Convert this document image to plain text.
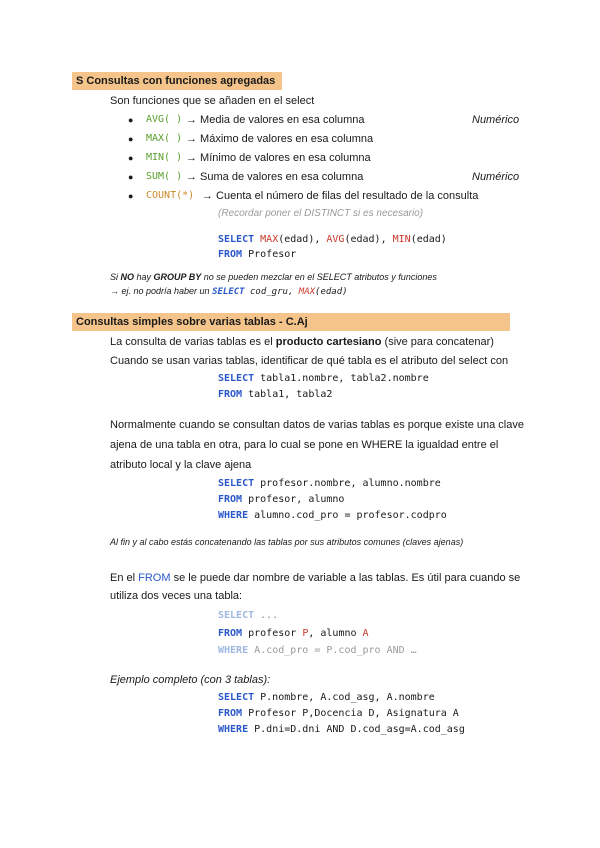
S Consultas con funciones agregadas
Son funciones que se añaden en el select
● AVG( ) → Media de valores en esa columna	Numérico
● MAX( ) → Máximo de valores en esa columna
● MIN( ) → Mínimo de valores en esa columna
● SUM( ) → Suma de valores en esa columna	Numérico
● COUNT(*) → Cuenta el número de filas del resultado de la consulta
(Recordar poner el DISTINCT si es necesario)
SELECT MAX(edad), AVG(edad), MIN(edad)
FROM Profesor
Si NO hay GROUP BY no se pueden mezclar en el SELECT atributos y funciones
→ ej. no podría haber un SELECT cod_gru, MAX(edad)
Consultas simples sobre varias tablas - C.Aj
La consulta de varias tablas es el producto cartesiano (sive para concatenar)
Cuando se usan varias tablas, identificar de qué tabla es el atributo del select con
SELECT tabla1.nombre, tabla2.nombre
FROM tabla1, tabla2
Normalmente cuando se consultan datos de varias tablas es porque existe una clave
ajena de una tabla en otra, para lo cual se pone en WHERE la igualdad entre el
atributo local y la clave ajena
SELECT profesor.nombre, alumno.nombre
FROM profesor, alumno
WHERE alumno.cod_pro = profesor.codpro
Al fin y al cabo estás concatenando las tablas por sus atributos comunes (claves ajenas)
En el FROM se le puede dar nombre de variable a las tablas. Es útil para cuando se
utiliza dos veces una tabla:
SELECT ...
FROM profesor P, alumno A
WHERE A.cod_pro = P.cod_pro AND …
Ejemplo completo (con 3 tablas):
SELECT P.nombre, A.cod_asg, A.nombre
FROM Profesor P,Docencia D, Asignatura A
WHERE P.dni=D.dni AND D.cod_asg=A.cod_asg
